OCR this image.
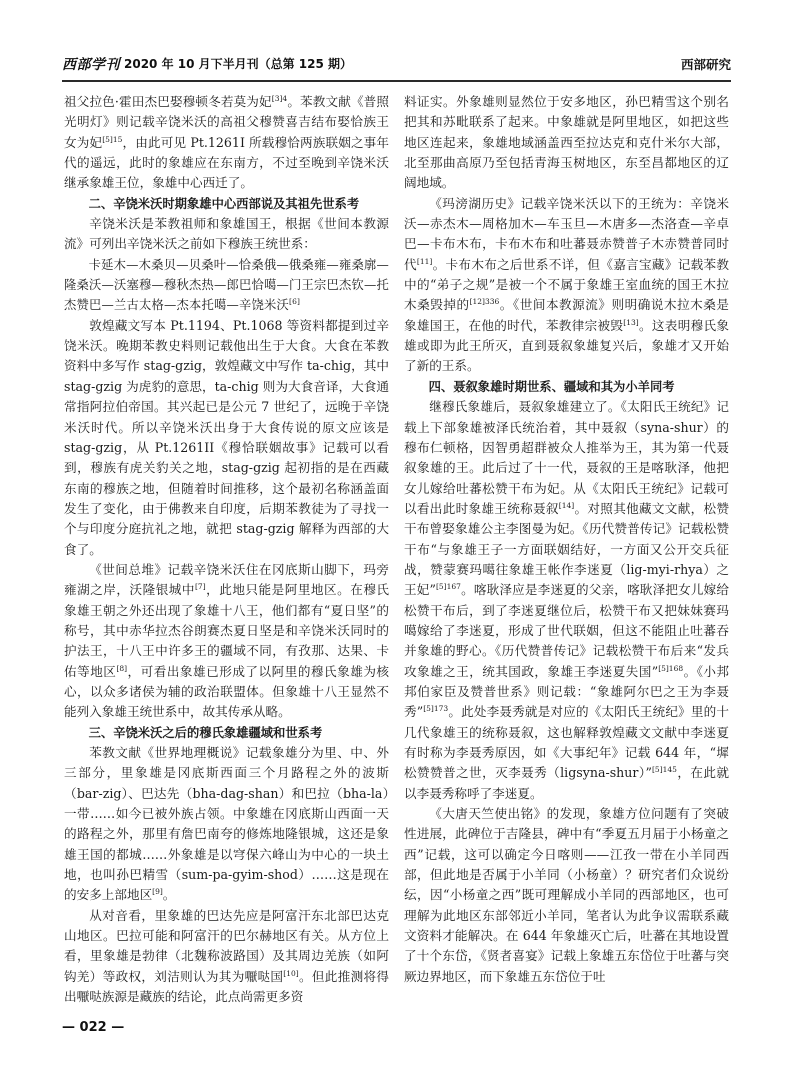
西部学刊 2020 年 10 月下半月刊（总第 125 期）	西部研究

祖父拉色·霍田杰巴娶穆顿冬若莫为妃$^{[3]4}$。苯教文献《普照光明灯》则记载辛饶米沃的高祖父穆赞喜吉结布娶恰族王女为妃$^{[5]15}$，由此可见 Pt.1261I 所载穆恰两族联姻之事年代的遥远，此时的象雄应在东南方，不过至晚到辛饶米沃继承象雄王位，象雄中心西迁了。

二、辛饶米沃时期象雄中心西部说及其祖先世系考

辛饶米沃是苯教祖师和象雄国王，根据《世间本教源流》可列出辛饶米沃之前如下穆族王统世系：

卡延木—木桑贝—贝桑叶—恰桑俄—俄桑雍—雍桑廓—隆桑沃—沃塞穆—穆秋杰热—郎巴恰噶—门王宗巴杰钦—托杰赞巴—兰古太格—杰本托噶—辛饶米沃[6]

敦煌藏文写本 Pt.1194、Pt.1068 等资料都提到过辛饶米沃。晚期苯教史料则记载他出生于大食。大食在苯教资料中多写作 stag-gzig，敦煌藏文中写作 ta-chig，其中 stag-gzig 为虎豹的意思，ta-chig 则为大食音译，大食通常指阿拉伯帝国。其兴起已是公元 7 世纪了，远晚于辛饶米沃时代。所以辛饶米沃出身于大食传说的原文应该是 stag-gzig，从 Pt.1261II《穆恰联姻故事》记载可以看到，穆族有虎关豹关之地，stag-gzig 起初指的是在西藏东南的穆族之地，但随着时间推移，这个最初名称涵盖面发生了变化，由于佛教来自印度，后期苯教徒为了寻找一个与印度分庭抗礼之地，就把 stag-gzig 解释为西部的大食了。

《世间总堆》记载辛饶米沃住在冈底斯山脚下，玛旁雍湖之岸，沃隆银城中[7]，此地只能是阿里地区。在穆氏象雄王朝之外还出现了象雄十八王，他们都有“夏日坚”的称号，其中赤华拉杰谷朗赛杰夏日坚是和辛饶米沃同时的护法王，十八王中许多王的疆域不同，有孜那、达果、卡佑等地区[8]，可看出象雄已形成了以阿里的穆氏象雄为核心，以众多诸侯为辅的政治联盟体。但象雄十八王显然不能列入象雄王统世系中，故其传承从略。

三、辛饶米沃之后的穆氏象雄疆域和世系考

苯教文献《世界地理概说》记载象雄分为里、中、外三部分，里象雄是冈底斯西面三个月路程之外的波斯（bar-zig）、巴达先（bha-dag-shan）和巴拉（bha-la）一带……如今已被外族占领。中象雄在冈底斯山西面一天的路程之外，那里有詹巴南夸的修炼地隆银城，这还是象雄王国的都城……外象雄是以穹保六峰山为中心的一块土地，也叫孙巴精雪（sum-pa-gyim-shod）……这是现在的安多上部地区[9]。

从对音看，里象雄的巴达先应是阿富汗东北部巴达克山地区。巴拉可能和阿富汗的巴尔赫地区有关。从方位上看，里象雄是勃律（北魏称波路国）及其周边羌族（如阿钩羌）等政权，刘洁则认为其为嚈哒国[10]。但此推测将得出嚈哒族源是藏族的结论，此点尚需更多资

料证实。外象雄则显然位于安多地区，孙巴精雪这个别名把其和苏毗联系了起来。中象雄就是阿里地区，如把这些地区连起来，象雄地域涵盖西至拉达克和克什米尔大部，北至那曲高原乃至包括青海玉树地区，东至昌都地区的辽阔地域。

《玛滂湖历史》记载辛饶米沃以下的王统为：辛饶米沃—赤杰木—周格加木—车玉旦—木唐多—杰洛查—辛卓巴—卡布木布，卡布木布和吐蕃聂赤赞普子木赤赞普同时代[11]。卡布木布之后世系不详，但《嘉言宝藏》记载苯教中的“弟子之规”是被一个不属于象雄王室血统的国王木拉木桑毁掉的$^{[12]336}$。《世间本教源流》则明确说木拉木桑是象雄国王，在他的时代，苯教律宗被毁[13]。这表明穆氏象雄或即为此王所灭，直到聂叙象雄复兴后，象雄才又开始了新的王系。

四、聂叙象雄时期世系、疆域和其为小羊同考

继穆氏象雄后，聂叙象雄建立了。《太阳氏王统纪》记载上下部象雄被泽氏统治着，其中聂叙（syna-shur）的穆布仁顿格，因智勇超群被众人推举为王，其为第一代聂叙象雄的王。此后过了十一代，聂叙的王是喀耿泽，他把女儿嫁给吐蕃松赞干布为妃。从《太阳氏王统纪》记载可以看出此时象雄王统称聂叙[14]。对照其他藏文文献，松赞干布曾娶象雄公主李图曼为妃。《历代赞普传记》记载松赞干布“与象雄王子一方面联姻结好，一方面又公开交兵征战，赞蒙赛玛噶往象雄王帐作李迷夏（lig-myi-rhya）之王妃”$^{[5]167}$。喀耿泽应是李迷夏的父亲，喀耿泽把女儿嫁给松赞干布后，到了李迷夏继位后，松赞干布又把妹妹赛玛噶嫁给了李迷夏，形成了世代联姻，但这不能阻止吐蕃吞并象雄的野心。《历代赞普传记》记载松赞干布后来“发兵攻象雄之王，统其国政，象雄王李迷夏失国”$^{[5]168}$。《小邦邦伯家臣及赞普世系》则记载：“象雄阿尔巴之王为李聂秀”$^{[5]173}$。此处李聂秀就是对应的《太阳氏王统纪》里的十几代象雄王的统称聂叙，这也解释敦煌藏文文献中李迷夏有时称为李聂秀原因，如《大事纪年》记载 644 年，“墀松赞赞普之世，灭李聂秀（ligsyna-shur）”$^{[5]145}$，在此就以李聂秀称呼了李迷夏。

《大唐天竺使出铭》的发现，象雄方位问题有了突破性进展，此碑位于吉隆县，碑中有“季夏五月届于小杨童之西”记载，这可以确定今日喀则——江孜一带在小羊同西部，但此地是否属于小羊同（小杨童）？研究者们众说纷纭，因“小杨童之西”既可理解成小羊同的西部地区，也可理解为此地区东部邻近小羊同，笔者认为此争议需联系藏文资料才能解决。在 644 年象雄灭亡后，吐蕃在其地设置了十个东岱，《贤者喜宴》记载上象雄五东岱位于吐蕃与突厥边界地区，而下象雄五东岱位于吐

— 022 —
